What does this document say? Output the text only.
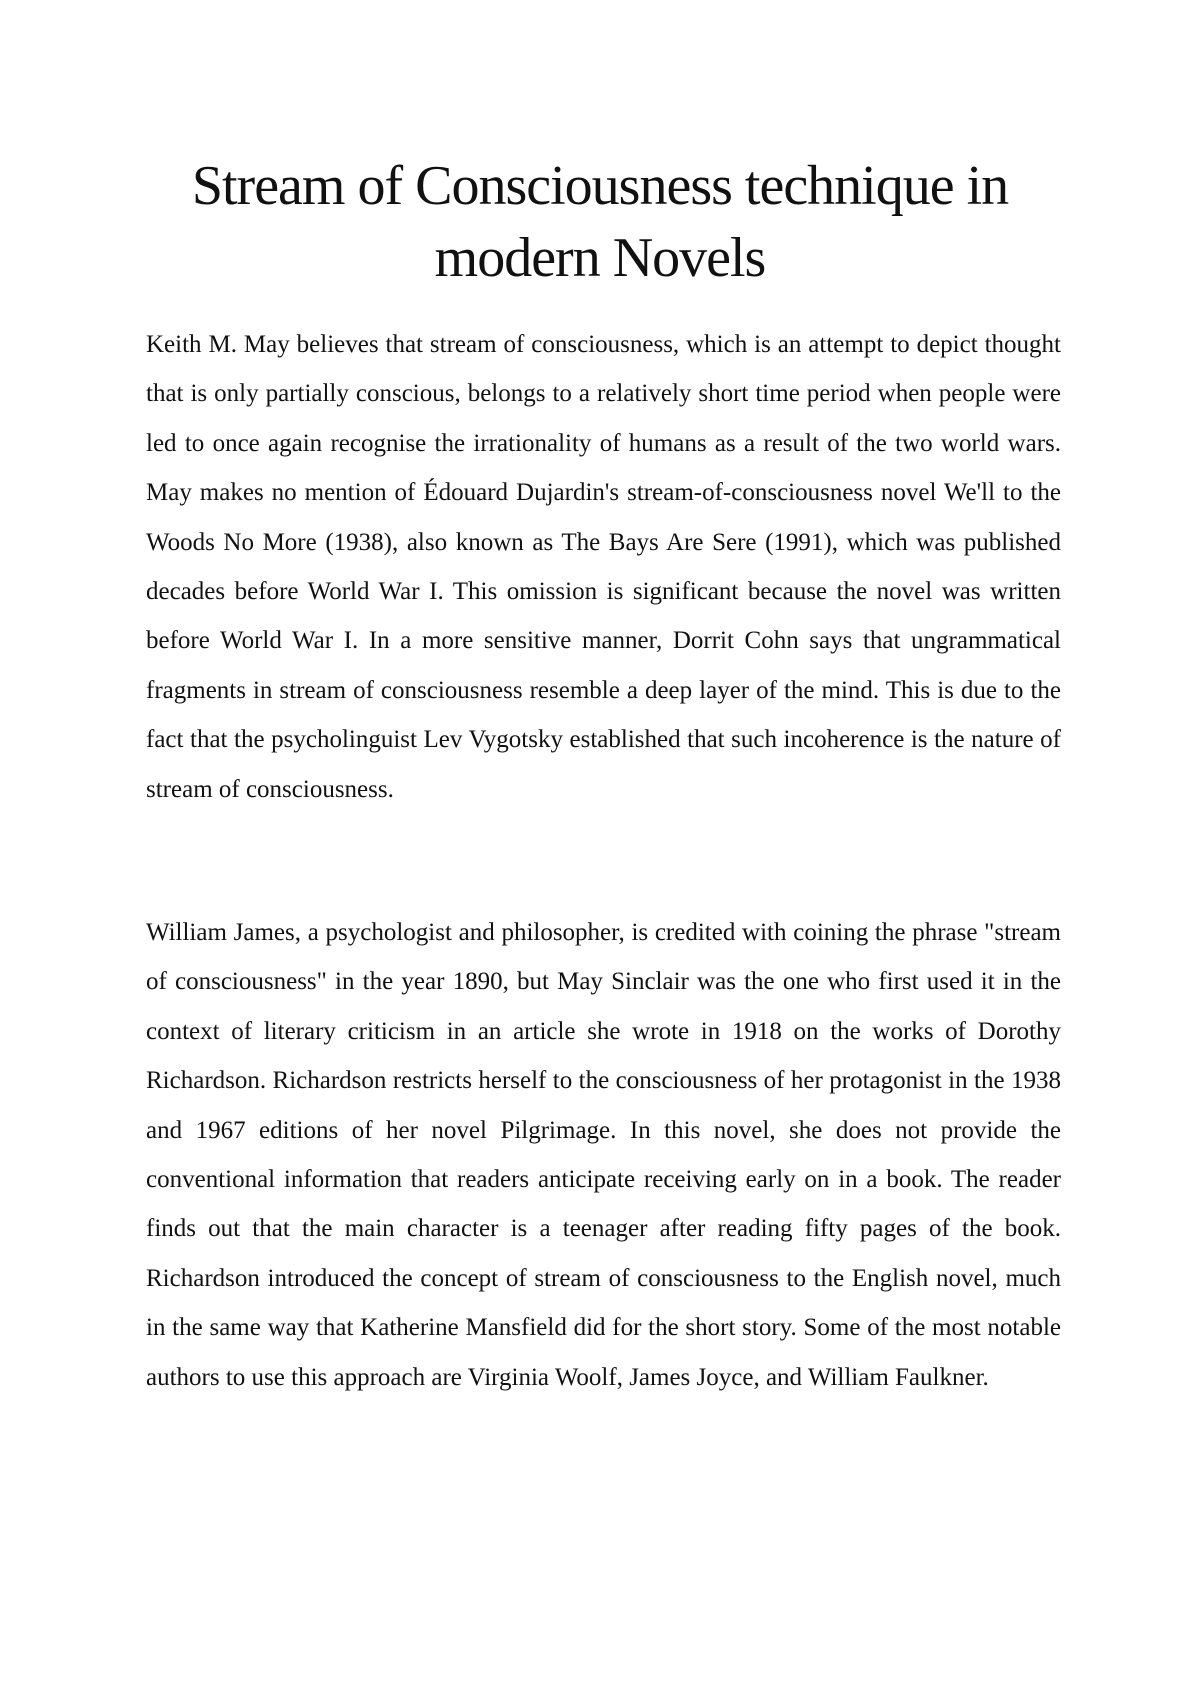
Stream of Consciousness technique in modern Novels

Keith M. May believes that stream of consciousness, which is an attempt to depict thought that is only partially conscious, belongs to a relatively short time period when people were led to once again recognise the irrationality of humans as a result of the two world wars. May makes no mention of Édouard Dujardin's stream-of-consciousness novel We'll to the Woods No More (1938), also known as The Bays Are Sere (1991), which was published decades before World War I. This omission is significant because the novel was written before World War I. In a more sensitive manner, Dorrit Cohn says that ungrammatical fragments in stream of consciousness resemble a deep layer of the mind. This is due to the fact that the psycholinguist Lev Vygotsky established that such incoherence is the nature of stream of consciousness.

William James, a psychologist and philosopher, is credited with coining the phrase "stream of consciousness" in the year 1890, but May Sinclair was the one who first used it in the context of literary criticism in an article she wrote in 1918 on the works of Dorothy Richardson. Richardson restricts herself to the consciousness of her protagonist in the 1938 and 1967 editions of her novel Pilgrimage. In this novel, she does not provide the conventional information that readers anticipate receiving early on in a book. The reader finds out that the main character is a teenager after reading fifty pages of the book. Richardson introduced the concept of stream of consciousness to the English novel, much in the same way that Katherine Mansfield did for the short story. Some of the most notable authors to use this approach are Virginia Woolf, James Joyce, and William Faulkner.
